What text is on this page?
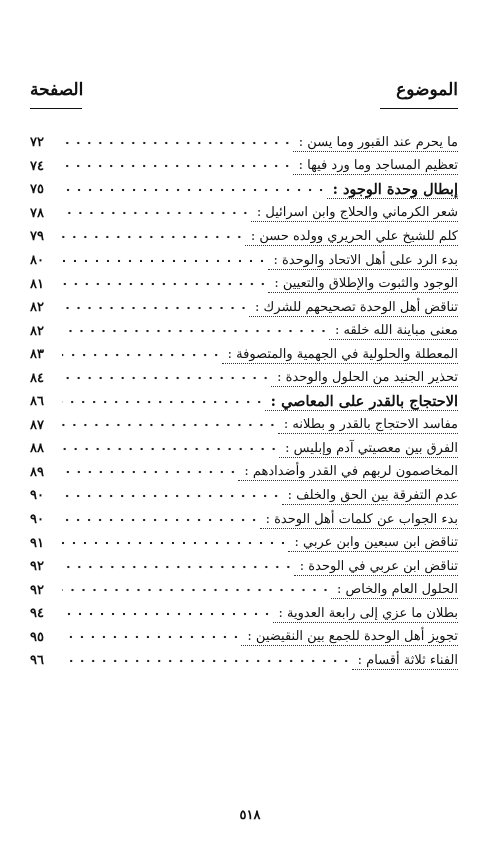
الموضوع
الصفحة
ما يحرم عند القبور وما يسن :
٧٢
تعظيم المساجد وما ورد فيها :
٧٤
إبطال وحدة الوجود :
٧٥
شعر الكرماني والحلاج وابن اسرائيل :
٧٨
كلم للشيخ علي الحريري وولده حسن :
٧٩
بدء الرد على أهل الاتحاد والوحدة :
٨٠
الوجود والثبوت والإطلاق والتعيين :
٨١
تناقض أهل الوحدة تصحيحهم للشرك :
٨٢
معنى مباينة الله خلقه :
٨٢
المعطلة والحلولية في الجهمية والمتصوفة :
٨٣
تحذير الجنيد من الحلول والوحدة :
٨٤
الاحتجاج بالقدر على المعاصي :
٨٦
مفاسد الاحتجاج بالقدر و بطلانه :
٨٧
الفرق بين معصيتي آدم وإبليس :
٨٨
المخاصمون لربهم في القدر وأضدادهم :
٨٩
عدم التفرقة بين الحق والخلف :
٩٠
بدء الجواب عن كلمات أهل الوحدة :
٩٠
تناقض ابن سبعين وابن عربي :
٩١
تناقض ابن عربي في الوحدة :
٩٢
الحلول العام والخاص :
٩٢
بطلان ما عزي إلى رابعة العدوية :
٩٤
تجويز أهل الوحدة للجمع بين النقيضين :
٩٥
الفناء ثلاثة أقسام :
٩٦
٥١٨
